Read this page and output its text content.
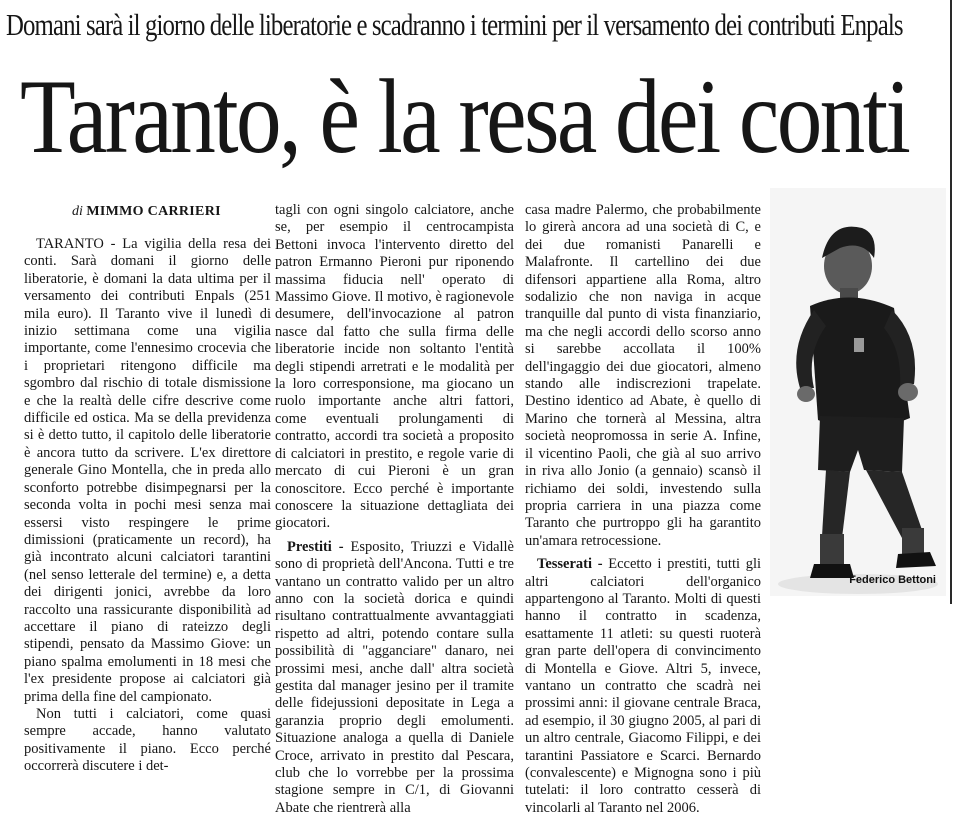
Domani sarà il giorno delle liberatorie e scadranno i termini per il versamento dei contributi Enpals
Taranto, è la resa dei conti
di MIMMO CARRIERI

TARANTO - La vigilia della resa dei conti. Sarà domani il giorno delle liberatorie, è domani la data ultima per il versamento dei contributi Enpals (251 mila euro). Il Taranto vive il lunedì di inizio settimana come una vigilia importante, come l'ennesimo crocevia che i proprietari ritengono difficile ma sgombro dal rischio di totale dismissione e che la realtà delle cifre descrive come difficile ed ostica. Ma se della previdenza si è detto tutto, il capitolo delle liberatorie è ancora tutto da scrivere. L'ex direttore generale Gino Montella, che in preda allo sconforto potrebbe disimpegnarsi per la seconda volta in pochi mesi senza mai essersi visto respingere le prime dimissioni (praticamente un record), ha già incontrato alcuni calciatori tarantini (nel senso letterale del termine) e, a detta dei dirigenti jonici, avrebbe da loro raccolto una rassicurante disponibilità ad accettare il piano di rateizzo degli stipendi, pensato da Massimo Giove: un piano spalma emolumenti in 18 mesi che l'ex presidente propose ai calciatori già prima della fine del campionato.

Non tutti i calciatori, come quasi sempre accade, hanno valutato positivamente il piano. Ecco perché occorrerà discutere i det-

tagli con ogni singolo calciatore, anche se, per esempio il centrocampista Bettoni invoca l'intervento diretto del patron Ermanno Pieroni pur riponendo massima fiducia nell' operato di Massimo Giove. Il motivo, è ragionevole desumere, dell'invocazione al patron nasce dal fatto che sulla firma delle liberatorie incide non soltanto l'entità degli stipendi arretrati e le modalità per la loro corresponsione, ma giocano un ruolo importante anche altri fattori, come eventuali prolungamenti di contratto, accordi tra società a proposito di calciatori in prestito, e regole varie di mercato di cui Pieroni è un gran conoscitore. Ecco perché è importante conoscere la situazione dettagliata dei giocatori.

Prestiti - Esposito, Triuzzi e Vidallè sono di proprietà dell'Ancona. Tutti e tre vantano un contratto valido per un altro anno con la società dorica e quindi risultano contrattualmente avvantaggiati rispetto ad altri, potendo contare sulla possibilità di "agganciare" danaro, nei prossimi mesi, anche dall' altra società gestita dal manager jesino per il tramite delle fidejussioni depositate in Lega a garanzia proprio degli emolumenti. Situazione analoga a quella di Daniele Croce, arrivato in prestito dal Pescara, club che lo vorrebbe per la prossima stagione sempre in C/1, di Giovanni Abate che rientrerà alla

casa madre Palermo, che probabilmente lo girerà ancora ad una società di C, e dei due romanisti Panarelli e Malafronte. Il cartellino dei due difensori appartiene alla Roma, altro sodalizio che non naviga in acque tranquille dal punto di vista finanziario, ma che negli accordi dello scorso anno si sarebbe accollata il 100% dell'ingaggio dei due giocatori, almeno stando alle indiscrezioni trapelate. Destino identico ad Abate, è quello di Marino che tornerà al Messina, altra società neopromossa in serie A. Infine, il vicentino Paoli, che già al suo arrivo in riva allo Jonio (a gennaio) scansò il richiamo dei soldi, investendo sulla propria carriera in una piazza come Taranto che purtroppo gli ha garantito un'amara retrocessione.

Tesserati - Eccetto i prestiti, tutti gli altri calciatori dell'organico appartengono al Taranto. Molti di questi hanno il contratto in scadenza, esattamente 11 atleti: su questi ruoterà gran parte dell'opera di convincimento di Montella e Giove. Altri 5, invece, vantano un contratto che scadrà nei prossimi anni: il giovane centrale Braca, ad esempio, il 30 giugno 2005, al pari di un altro centrale, Giacomo Filippi, e dei tarantini Passiatore e Scarci. Bernardo (convalescente) e Mignogna sono i più tutelati: il loro contratto cesserà di vincolarli al Taranto nel 2006.

Federico Bettoni
